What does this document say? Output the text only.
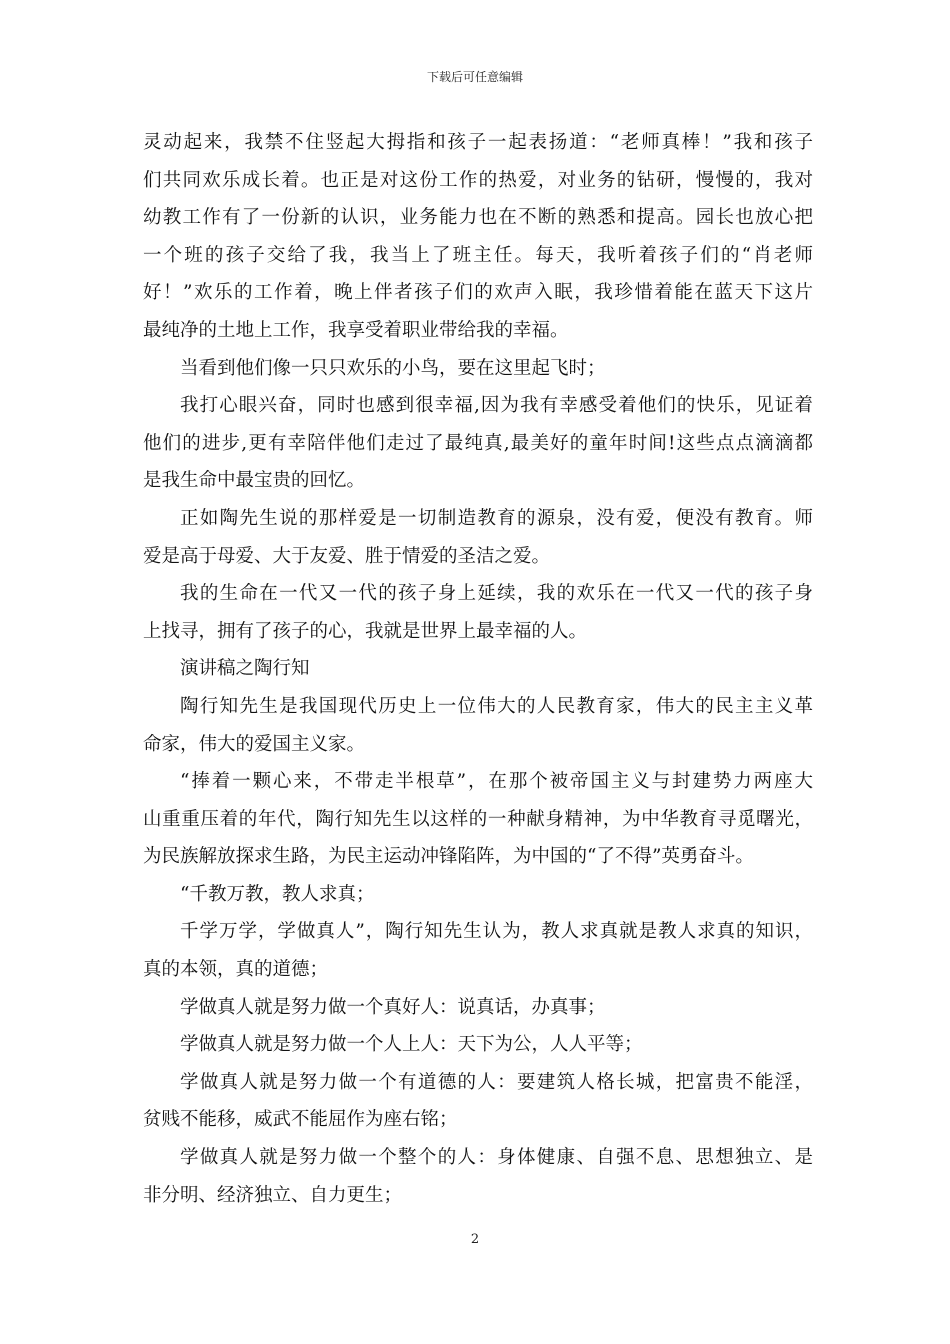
下载后可任意编辑
灵动起来，我禁不住竖起大拇指和孩子一起表扬道：“老师真棒！”我和孩子
们共同欢乐成长着。也正是对这份工作的热爱，对业务的钻研，慢慢的，我对
幼教工作有了一份新的认识，业务能力也在不断的熟悉和提高。园长也放心把
一个班的孩子交给了我，我当上了班主任。每天，我听着孩子们的“肖老师
好！”欢乐的工作着，晚上伴者孩子们的欢声入眠，我珍惜着能在蓝天下这片
最纯净的土地上工作，我享受着职业带给我的幸福。
当看到他们像一只只欢乐的小鸟，要在这里起飞时；
我打心眼兴奋，同时也感到很幸福,因为我有幸感受着他们的快乐，见证着
他们的进步,更有幸陪伴他们走过了最纯真,最美好的童年时间!这些点点滴滴都
是我生命中最宝贵的回忆。
正如陶先生说的那样爱是一切制造教育的源泉，没有爱，便没有教育。师
爱是高于母爱、大于友爱、胜于情爱的圣洁之爱。
我的生命在一代又一代的孩子身上延续，我的欢乐在一代又一代的孩子身
上找寻，拥有了孩子的心，我就是世界上最幸福的人。
演讲稿之陶行知
陶行知先生是我国现代历史上一位伟大的人民教育家，伟大的民主主义革
命家，伟大的爱国主义家。
“捧着一颗心来，不带走半根草”，在那个被帝国主义与封建势力两座大
山重重压着的年代，陶行知先生以这样的一种献身精神，为中华教育寻觅曙光，
为民族解放探求生路，为民主运动冲锋陷阵，为中国的“了不得”英勇奋斗。
“千教万教，教人求真；
千学万学，学做真人”，陶行知先生认为，教人求真就是教人求真的知识，
真的本领，真的道德；
学做真人就是努力做一个真好人：说真话，办真事；
学做真人就是努力做一个人上人：天下为公，人人平等；
学做真人就是努力做一个有道德的人：要建筑人格长城，把富贵不能淫，
贫贱不能移，威武不能屈作为座右铭；
学做真人就是努力做一个整个的人：身体健康、自强不息、思想独立、是
非分明、经济独立、自力更生；
2
